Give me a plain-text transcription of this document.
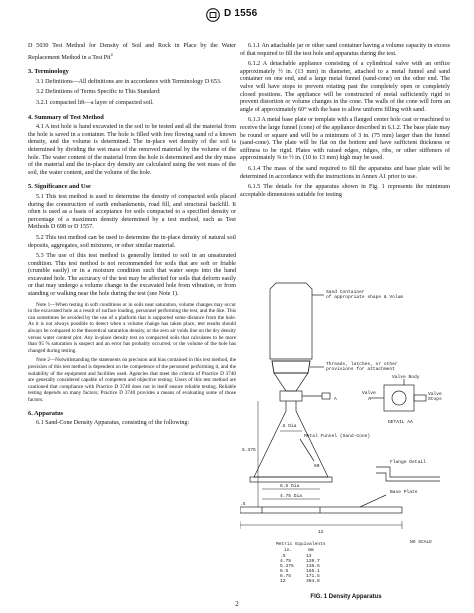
D 1556

D 5030 Test Method for Density of Soil and Rock in Place by the Water Replacement Method in a Test Pit$^4$

3. Terminology

3.1 Definitions—All definitions are in accordance with Terminology D 653.

3.2 Definitions of Terms Specific to This Standard:

3.2.1 compacted lift—a layer of compacted soil.

4. Summary of Test Method

4.1 A test hole is hand excavated in the soil to be tested and all the material from the hole is saved in a container. The hole is filled with free flowing sand of a known density, and the volume is determined. The in-place wet density of the soil is determined by dividing the wet mass of the removed material by the volume of the hole. The water content of the material from the hole is determined and the dry mass of the material and the in-place dry density are calculated using the wet mass of the soil, the water content, and the volume of the hole.

5. Significance and Use

5.1 This test method is used to determine the density of compacted soils placed during the construction of earth embankments, road fill, and structural backfill. It often is used as a basis of acceptance for soils compacted to a specified density or percentage of a maximum density determined by a test method, such as Test Methods D 698 or D 1557.

5.2 This test method can be used to determine the in-place density of natural soil deposits, aggregates, soil mixtures, or other similar material.

5.3 The use of this test method is generally limited to soil in an unsaturated condition. This test method is not recommended for soils that are soft or friable (crumble easily) or in a moisture condition such that water seeps into the hand excavated hole. The accuracy of the test may be affected for soils that deform easily or that may undergo a volume change in the excavated hole from vibration, or from standing or walking near the hole during the test (see Note 1).

Note 1—When testing in soft conditions or in soils near saturation, volume changes may occur in the excavated hole as a result of surface loading, personnel performing the test, and the like. This can sometimes be avoided by the use of a platform that is supported some distance from the hole. As it is not always possible to detect when a volume change has taken place, test results should always be compared to the theoretical saturation density, or the zero air voids line on the dry density versus water content plot. Any in-place density test on compacted soils that calculates to be more than 95 % saturation is suspect and an error has probably occurred, or the volume of the hole has changed during testing.

Note 2—Notwithstanding the statements on precision and bias contained in this test method, the precision of this test method is dependent on the competence of the personnel performing it, and the suitability of the equipment and facilities used. Agencies that meet the criteria of Practice D 3740 are generally considered capable of competent and objective testing. Users of this test method are cautioned that compliance with Practice D 3740 does not in itself ensure reliable testing. Reliable testing depends on many factors; Practice D 3740 provides a means of evaluating some of those factors.

6. Apparatus

6.1 Sand-Cone Density Apparatus, consisting of the following:

6.1.1 An attachable jar or other sand container having a volume capacity in excess of that required to fill the test hole and apparatus during the test.

6.1.2 A detachable appliance consisting of a cylindrical valve with an orifice approximately ½ in. (13 mm) in diameter, attached to a metal funnel and sand container on one end, and a large metal funnel (sand-cone) on the other end. The valve will have stops to prevent rotating past the completely open or completely closed positions. The appliance will be constructed of metal sufficiently rigid to prevent distortion or volume changes in the cone. The walls of the cone will form an angle of approximately 60° with the base to allow uniform filling with sand.

6.1.3 A metal base plate or template with a flanged center hole cast or machined to receive the large funnel (cone) of the appliance described in 6.1.2. The base plate may be round or square and will be a minimum of 3 in. (75 mm) larger than the funnel (sand-cone). The plate will be flat on the bottom and have sufficient thickness or stiffness to be rigid. Plates with raised edges, ridges, ribs, or other stiffeners of approximately ⅜ to ½ in. (10 to 13 mm) high may be used.

6.1.4 The mass of the sand required to fill the apparatus and base plate will be determined in accordance with the instructions in Annex A1 prior to use.

6.1.5 The details for the apparatus shown in Fig. 1 represents the minimum acceptable dimensions suitable for testing

Sand Container
of appropriate shape & Volum
Threads, latches, or other
provisions for attachment
Valve Body
Valve	Valve
Stops
DETAIL AA
Metal Funnel (Sand-Cone)
Flange Detail
Base Plate
5.375
.5 Dia
6.5 Dia
4.75 Dia
60
12
.5
A
A
NO SCALE
Metric Equivalents
in.	mm
.5	13
4.75	120.7
5.375	136.5
6.5	165.1
6.75	171.5
12	304.8
FIG. 1 Density Apparatus
2
